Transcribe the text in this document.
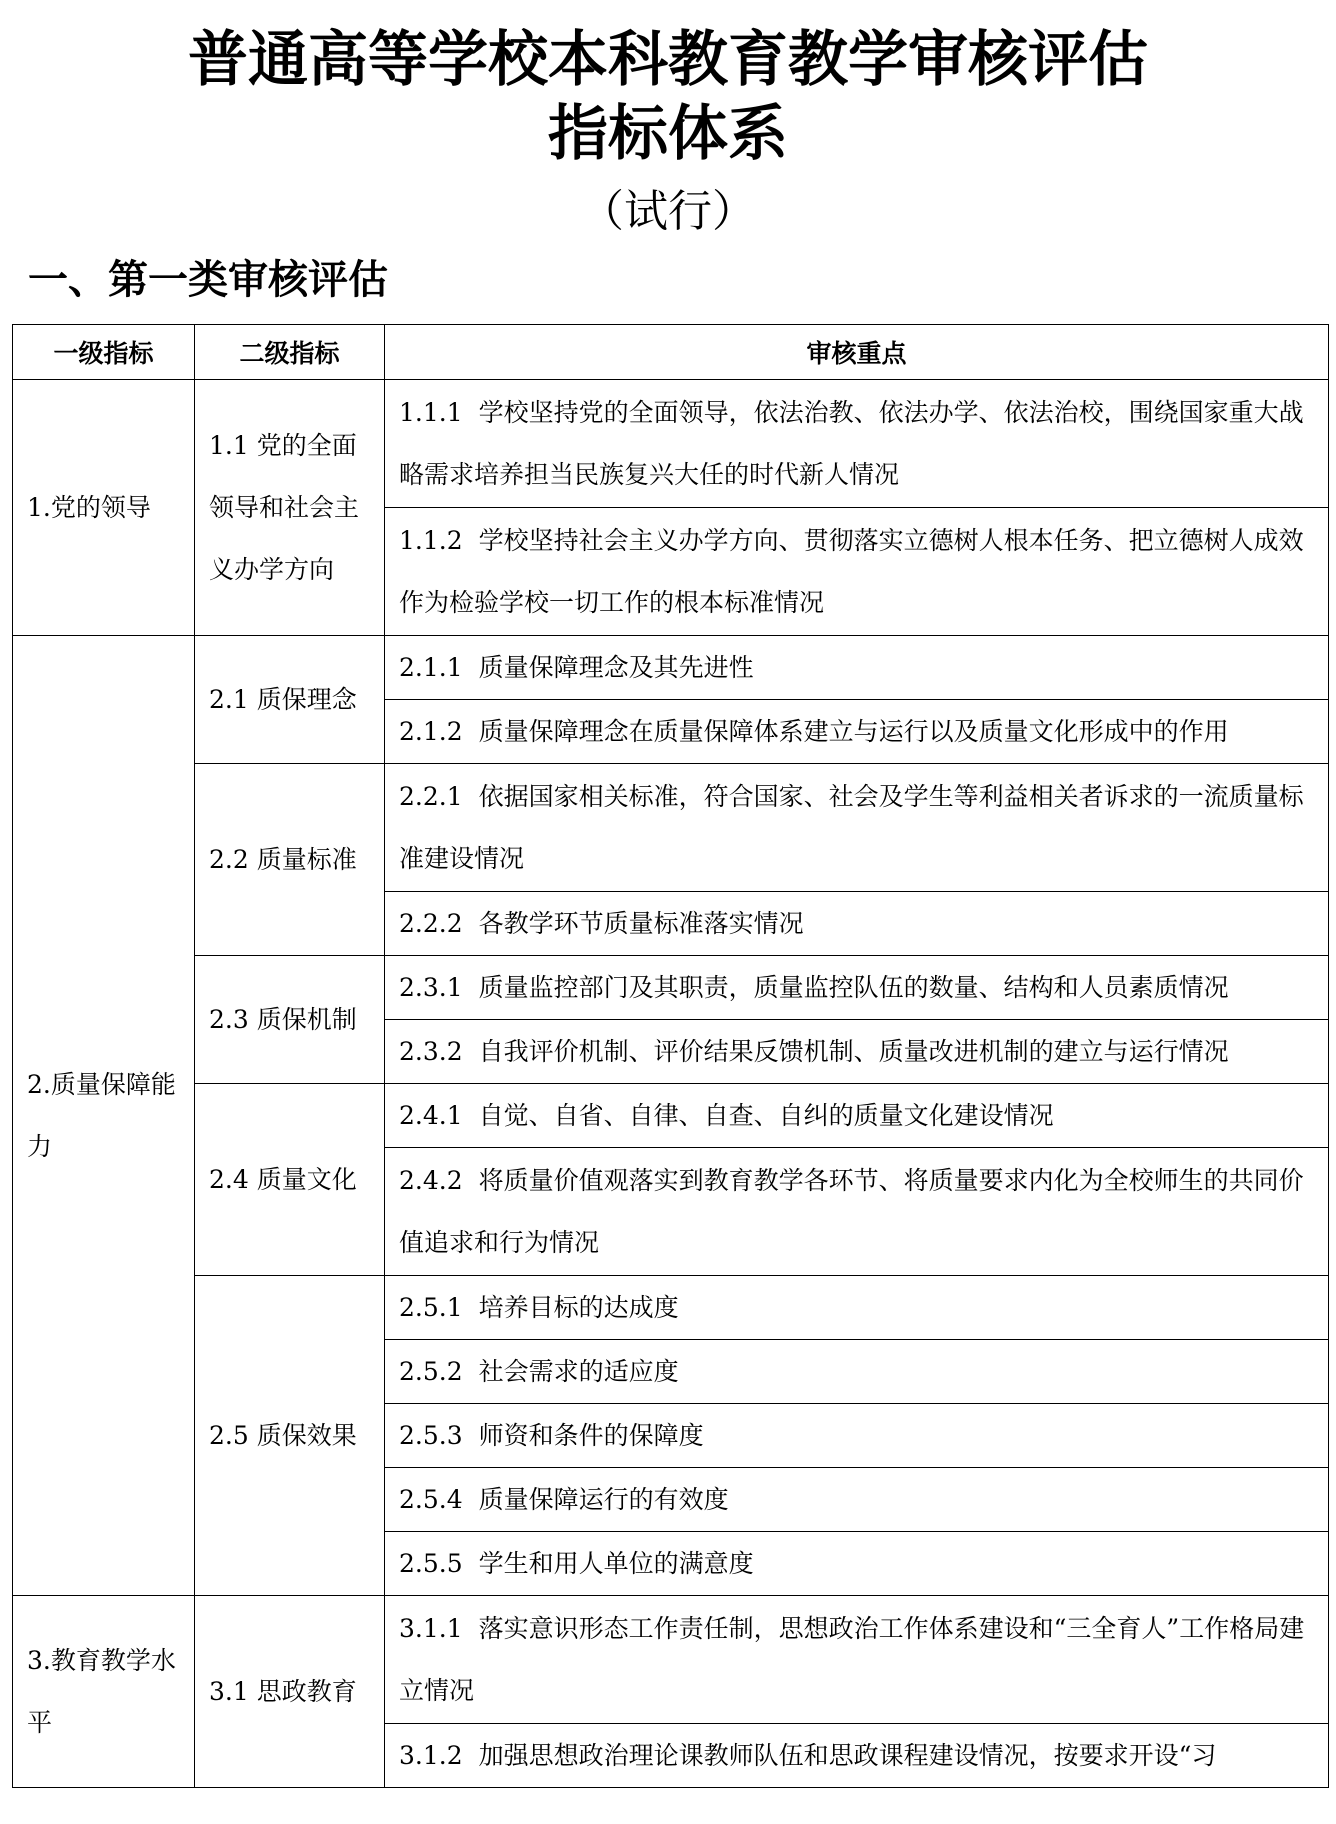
普通高等学校本科教育教学审核评估
指标体系
（试行）
一、第一类审核评估
一级指标	二级指标	审核重点
1.党的领导	1.1 党的全面领导和社会主义办学方向	1.1.1 学校坚持党的全面领导，依法治教、依法办学、依法治校，围绕国家重大战略需求培养担当民族复兴大任的时代新人情况
		1.1.2 学校坚持社会主义办学方向、贯彻落实立德树人根本任务、把立德树人成效作为检验学校一切工作的根本标准情况
2.质量保障能力	2.1 质保理念	2.1.1 质量保障理念及其先进性
		2.1.2 质量保障理念在质量保障体系建立与运行以及质量文化形成中的作用
	2.2 质量标准	2.2.1 依据国家相关标准，符合国家、社会及学生等利益相关者诉求的一流质量标准建设情况
		2.2.2 各教学环节质量标准落实情况
	2.3 质保机制	2.3.1 质量监控部门及其职责，质量监控队伍的数量、结构和人员素质情况
		2.3.2 自我评价机制、评价结果反馈机制、质量改进机制的建立与运行情况
	2.4 质量文化	2.4.1 自觉、自省、自律、自查、自纠的质量文化建设情况
		2.4.2 将质量价值观落实到教育教学各环节、将质量要求内化为全校师生的共同价值追求和行为情况
	2.5 质保效果	2.5.1 培养目标的达成度
		2.5.2 社会需求的适应度
		2.5.3 师资和条件的保障度
		2.5.4 质量保障运行的有效度
		2.5.5 学生和用人单位的满意度
3.教育教学水平	3.1 思政教育	3.1.1 落实意识形态工作责任制，思想政治工作体系建设和“三全育人”工作格局建立情况
		3.1.2 加强思想政治理论课教师队伍和思政课程建设情况，按要求开设“习
